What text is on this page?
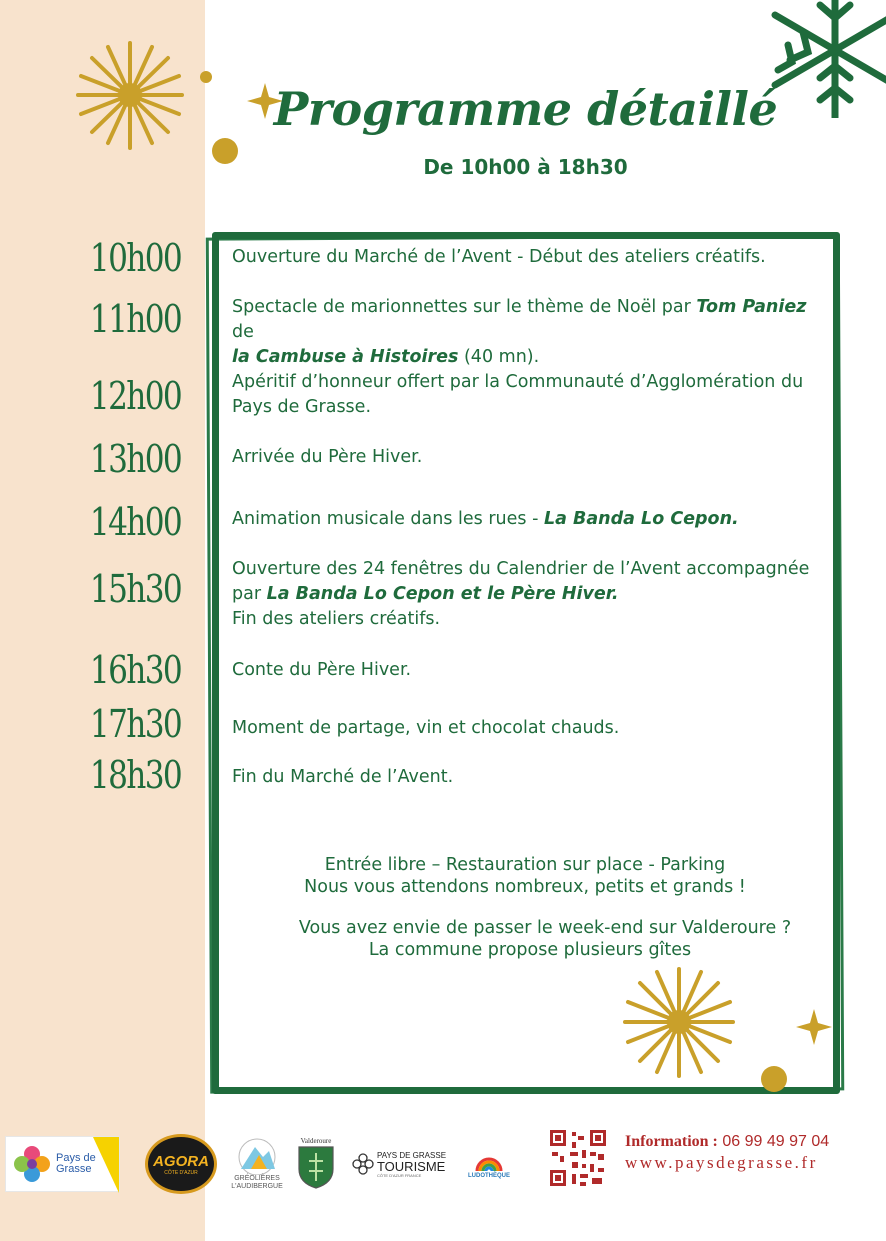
Programme détaillé
De 10h00 à 18h30
10h00	Ouverture du Marché de l’Avent - Début des ateliers créatifs.
11h00	Spectacle de marionnettes sur le thème de Noël par Tom Paniez de
la Cambuse à Histoires (40 mn).
12h00	Apéritif d’honneur offert par la Communauté d’Agglomération du
Pays de Grasse.
13h00	Arrivée du Père Hiver.
14h00	Animation musicale dans les rues - La Banda Lo Cepon.
15h30	Ouverture des 24 fenêtres du Calendrier de l’Avent accompagnée
par La Banda Lo Cepon et le Père Hiver.
Fin des ateliers créatifs.
16h30	Conte du Père Hiver.
17h30	Moment de partage, vin et chocolat chauds.
18h30	Fin du Marché de l’Avent.
Entrée libre – Restauration sur place - Parking
Nous vous attendons nombreux, petits et grands !
Vous avez envie de passer le week-end sur Valderoure ?
La commune propose plusieurs gîtes
Pays de Grasse	AGORA
CÔTE D'AZUR
GRÉOLIÈRES L'AUDIBERGUE
Valderoure
PAYS DE GRASSE
TOURISME
CÔTE D'AZUR FRANCE	LUDOTHÈQUE
Information : 06 99 49 97 04
www.paysdegrasse.fr
